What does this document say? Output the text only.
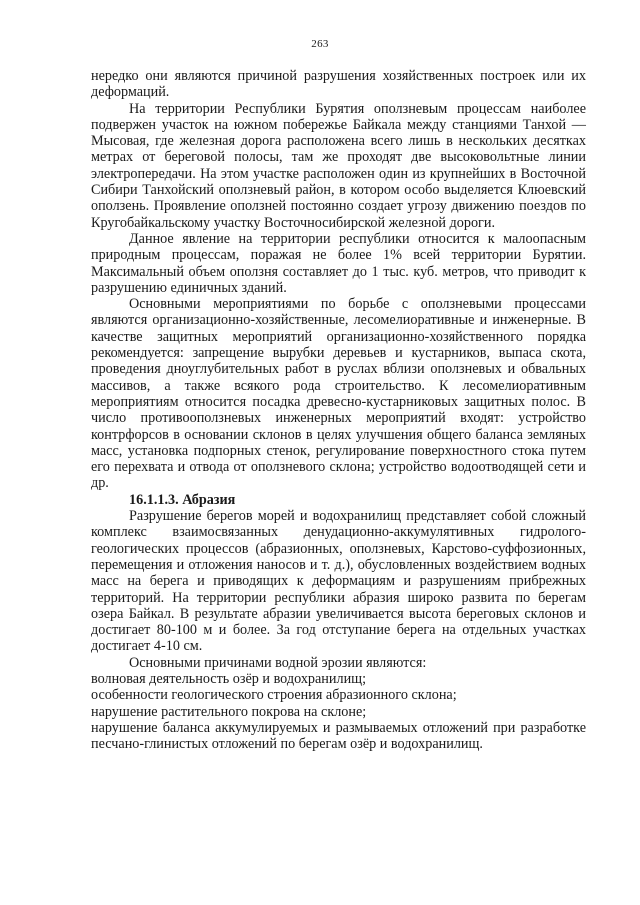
263

нередко они являются причиной разрушения хозяйственных построек или их деформаций.

На территории Республики Бурятия оползневым процессам наиболее подвержен участок на южном побережье Байкала между станциями Танхой — Мысовая, где железная дорога расположена всего лишь в нескольких десятках метрах от береговой полосы, там же проходят две высоковольтные линии электропередачи. На этом участке расположен один из крупнейших в Восточной Сибири Танхойский оползневый район, в котором особо выделяется Клюевский оползень. Проявление оползней постоянно создает угрозу движению поездов по Кругобайкальскому участку Восточносибирской железной дороги.

Данное явление на территории республики относится к малоопасным природным процессам, поражая не более 1% всей территории Бурятии. Максимальный объем оползня составляет до 1 тыс. куб. метров, что приводит к разрушению единичных зданий.

Основными мероприятиями по борьбе с оползневыми процессами являются организационно-хозяйственные, лесомелиоративные и инженерные. В качестве защитных мероприятий организационно-хозяйственного порядка рекомендуется: запрещение вырубки деревьев и кустарников, выпаса скота, проведения дноуглубительных работ в руслах вблизи оползневых и обвальных массивов, а также всякого рода строительство. К лесомелиоративным мероприятиям относится посадка древесно-кустарниковых защитных полос. В число противооползневых инженерных мероприятий входят: устройство контрфорсов в основании склонов в целях улучшения общего баланса земляных масс, установка подпорных стенок, регулирование поверхностного стока путем его перехвата и отвода от оползневого склона; устройство водоотводящей сети и др.

16.1.1.3. Абразия

Разрушение берегов морей и водохранилищ представляет собой сложный комплекс взаимосвязанных денудационно-аккумулятивных гидролого-геологических процессов (абразионных, оползневых, Карстово-суффозионных, перемещения и отложения наносов и т. д.), обусловленных воздействием водных масс на берега и приводящих к деформациям и разрушениям прибрежных территорий. На территории республики абразия широко развита по берегам озера Байкал. В результате абразии увеличивается высота береговых склонов и достигает 80-100 м и более. За год отступание берега на отдельных участках достигает 4-10 см.

Основными причинами водной эрозии являются:

волновая деятельность озёр и водохранилищ;

особенности геологического строения абразионного склона;

нарушение растительного покрова на склоне;

нарушение баланса аккумулируемых и размываемых отложений при разработке песчано-глинистых отложений по берегам озёр и водохранилищ.
